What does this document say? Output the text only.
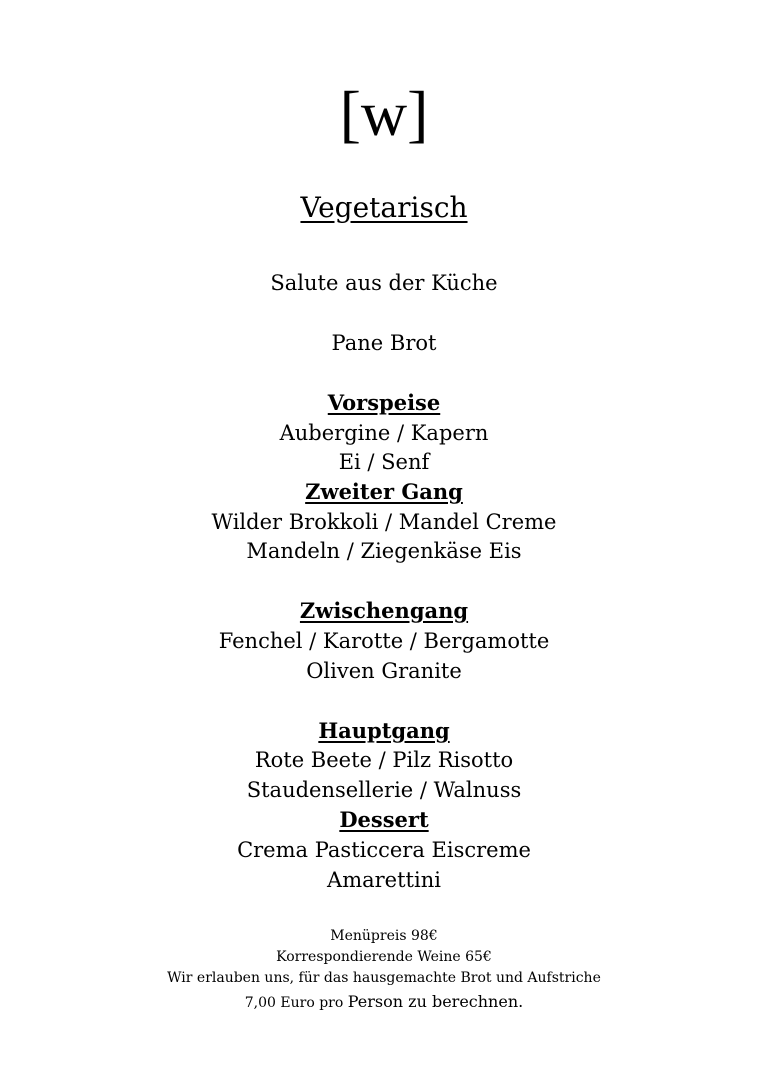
[w]
Vegetarisch
Salute aus der Küche
Pane Brot
Vorspeise
Aubergine / Kapern
Ei / Senf
Zweiter Gang
Wilder Brokkoli / Mandel Creme
Mandeln / Ziegenkäse Eis
Zwischengang
Fenchel / Karotte / Bergamotte
Oliven Granite
Hauptgang
Rote Beete / Pilz Risotto
Staudensellerie / Walnuss
Dessert
Crema Pasticcera Eiscreme
Amarettini
Menüpreis 98€
Korrespondierende Weine 65€
Wir erlauben uns, für das hausgemachte Brot und Aufstriche
7,00 Euro pro Person zu berechnen.
